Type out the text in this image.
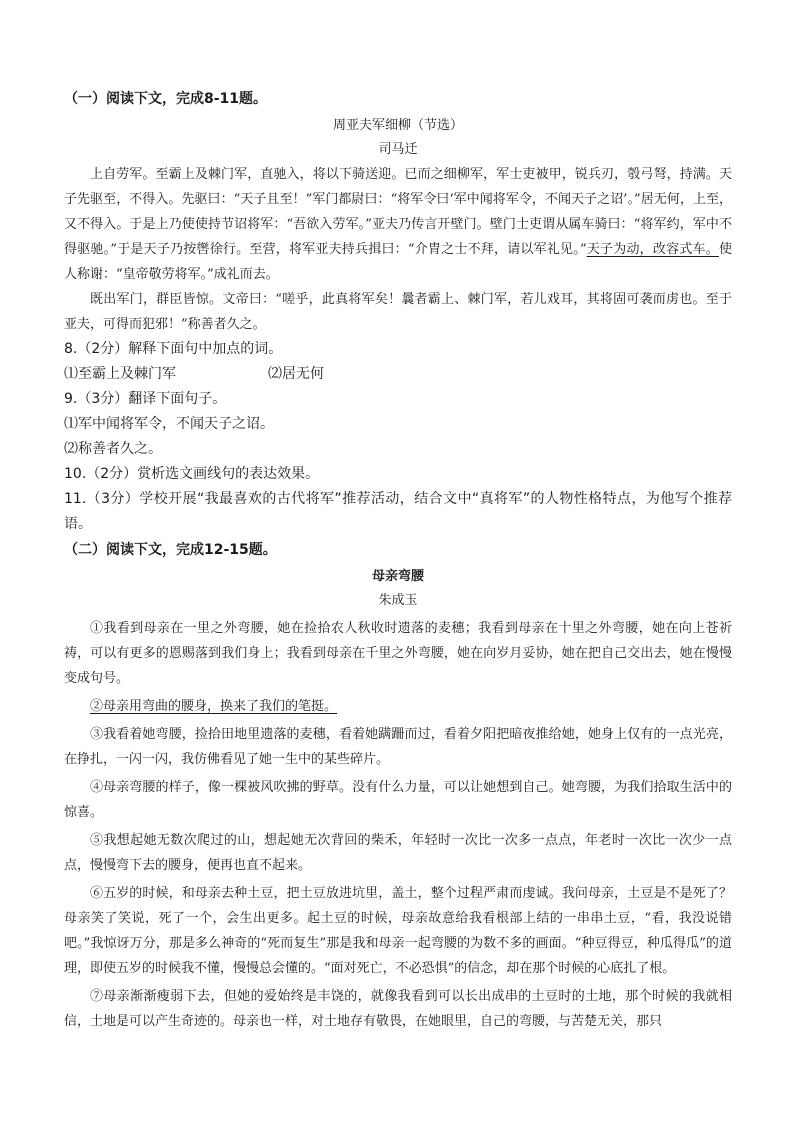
（一）阅读下文，完成8-11题。

周亚夫军细柳（节选）

司马迁

上自劳军。至霸上及棘门军，直驰入，将以下骑送迎。已而之细柳军，军士吏被甲，锐兵刃，彀弓弩，持满。天子先驱至，不得入。先驱曰：“天子且至！”军门都尉曰：“将军令曰‘军中闻将军令，不闻天子之诏’。”居无何，上至，又不得入。于是上乃使使持节诏将军：“吾欲入劳军。”亚夫乃传言开壁门。壁门士吏谓从属车骑曰：“将军约，军中不得驱驰。”于是天子乃按辔徐行。至营，将军亚夫持兵揖曰：“介胄之士不拜，请以军礼见。”天子为动，改容式车。使人称谢：“皇帝敬劳将军。”成礼而去。

既出军门，群臣皆惊。文帝曰：“嗟乎，此真将军矣！曩者霸上、棘门军，若儿戏耳，其将固可袭而虏也。至于亚夫，可得而犯邪！”称善者久之。

8.（2分）解释下面句中加点的词。

⑴至霸上及棘门军	⑵居无何

9.（3分）翻译下面句子。

⑴军中闻将军令，不闻天子之诏。

⑵称善者久之。

10.（2分）赏析选文画线句的表达效果。

11.（3分）学校开展“我最喜欢的古代将军”推荐活动，结合文中“真将军”的人物性格特点，为他写个推荐语。

（二）阅读下文，完成12-15题。

母亲弯腰

朱成玉

①我看到母亲在一里之外弯腰，她在捡拾农人秋收时遗落的麦穗；我看到母亲在十里之外弯腰，她在向上苍祈祷，可以有更多的恩赐落到我们身上；我看到母亲在千里之外弯腰，她在向岁月妥协，她在把自己交出去，她在慢慢变成句号。

②母亲用弯曲的腰身，换来了我们的笔挺。

③我看着她弯腰，捡拾田地里遗落的麦穗，看着她蹒跚而过，看着夕阳把暗夜推给她，她身上仅有的一点光亮，在挣扎，一闪一闪，我仿佛看见了她一生中的某些碎片。

④母亲弯腰的样子，像一棵被风吹拂的野草。没有什么力量，可以让她想到自己。她弯腰，为我们拾取生活中的惊喜。

⑤我想起她无数次爬过的山，想起她无次背回的柴禾，年轻时一次比一次多一点点，年老时一次比一次少一点点，慢慢弯下去的腰身，便再也直不起来。

⑥五岁的时候，和母亲去种土豆，把土豆放进坑里，盖土，整个过程严肃而虔诚。我问母亲，土豆是不是死了？母亲笑了笑说，死了一个，会生出更多。起土豆的时候，母亲故意给我看根部上结的一串串土豆，“看，我没说错吧。”我惊讶万分，那是多么神奇的“死而复生”那是我和母亲一起弯腰的为数不多的画面。“种豆得豆，种瓜得瓜”的道理，即使五岁的时候我不懂，慢慢总会懂的。“面对死亡，不必恐惧”的信念，却在那个时候的心底扎了根。

⑦母亲渐渐瘦弱下去，但她的爱始终是丰饶的，就像我看到可以长出成串的土豆时的土地，那个时候的我就相信，土地是可以产生奇迹的。母亲也一样，对土地存有敬畏，在她眼里，自己的弯腰，与苦楚无关，那只
